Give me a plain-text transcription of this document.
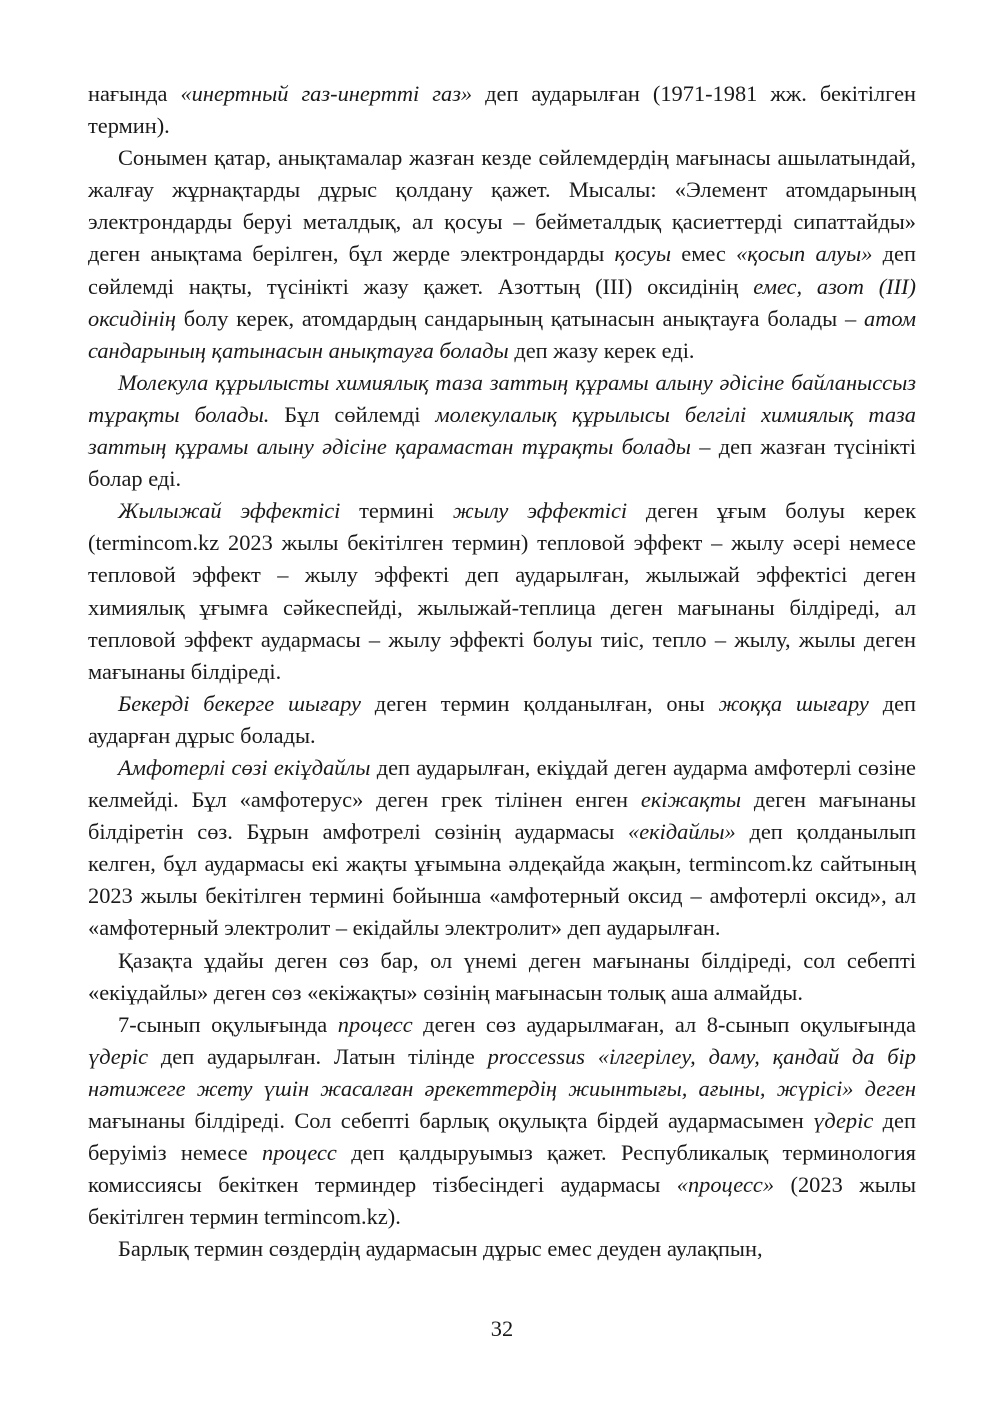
нағында «инертный газ-инертті газ» деп аударылған (1971-1981 жж. бекітілген термин).

Сонымен қатар, анықтамалар жазған кезде сөйлемдердің мағынасы ашылатындай, жалғау жұрнақтарды дұрыс қолдану қажет. Мысалы: «Элемент атомдарының электрондарды беруі металдық, ал қосуы – бейметалдық қасиеттерді сипаттайды» деген анықтама берілген, бұл жерде электрондарды қосуы емес «қосып алуы» деп сөйлемді нақты, түсінікті жазу қажет. Азоттың (III) оксидінің емес, азот (III) оксидінің болу керек, атомдардың сандарының қатынасын анықтауға болады – атом сандарының қатынасын анықтауға болады деп жазу керек еді.

Молекула құрылысты химиялық таза заттың құрамы алыну әдісіне байланыссыз тұрақты болады. Бұл сөйлемді молекулалық құрылысы белгілі химиялық таза заттың құрамы алыну әдісіне қарамастан тұрақты болады – деп жазған түсінікті болар еді.

Жылыжай эффектісі термині жылу эффектісі деген ұғым болуы керек (termincom.kz 2023 жылы бекітілген термин) тепловой эффект – жылу әсері немесе тепловой эффект – жылу эффекті деп аударылған, жылыжай эффектісі деген химиялық ұғымға сәйкеспейді, жылыжай-теплица деген мағынаны білдіреді, ал тепловой эффект аудармасы – жылу эффекті болуы тиіс, тепло – жылу, жылы деген мағынаны білдіреді.

Бекерді бекерге шығару деген термин қолданылған, оны жоққа шығару деп аударған дұрыс болады.

Амфотерлі сөзі екіұдайлы деп аударылған, екіұдай деген аударма амфотерлі сөзіне келмейді. Бұл «амфотерус» деген грек тілінен енген екіжақты деген мағынаны білдіретін сөз. Бұрын амфотрелі сөзінің аудармасы «екідайлы» деп қолданылып келген, бұл аудармасы екі жақты ұғымына әлдеқайда жақын, termincom.kz сайтының 2023 жылы бекітілген термині бойынша «амфотерный оксид – амфотерлі оксид», ал «амфотерный электролит – екідайлы электролит» деп аударылған.

Қазақта ұдайы деген сөз бар, ол үнемі деген мағынаны білдіреді, сол себепті «екіұдайлы» деген сөз «екіжақты» сөзінің мағынасын толық аша алмайды.

7-сынып оқулығында процесс деген сөз аударылмаған, ал 8-сынып оқулығында үдеріс деп аударылған. Латын тілінде proccessus «ілгерілеу, даму, қандай да бір нәтижеге жету үшін жасалған әрекеттердің жиынтығы, ағыны, жүрісі» деген мағынаны білдіреді. Сол себепті барлық оқулықта бірдей аудармасымен үдеріс деп беруіміз немесе процесс деп қалдыруымыз қажет. Республикалық терминология комиссиясы бекіткен терминдер тізбесіндегі аудармасы «процесс» (2023 жылы бекітілген термин termincom.kz).

Барлық термин сөздердің аудармасын дұрыс емес деуден аулақпын,

32
